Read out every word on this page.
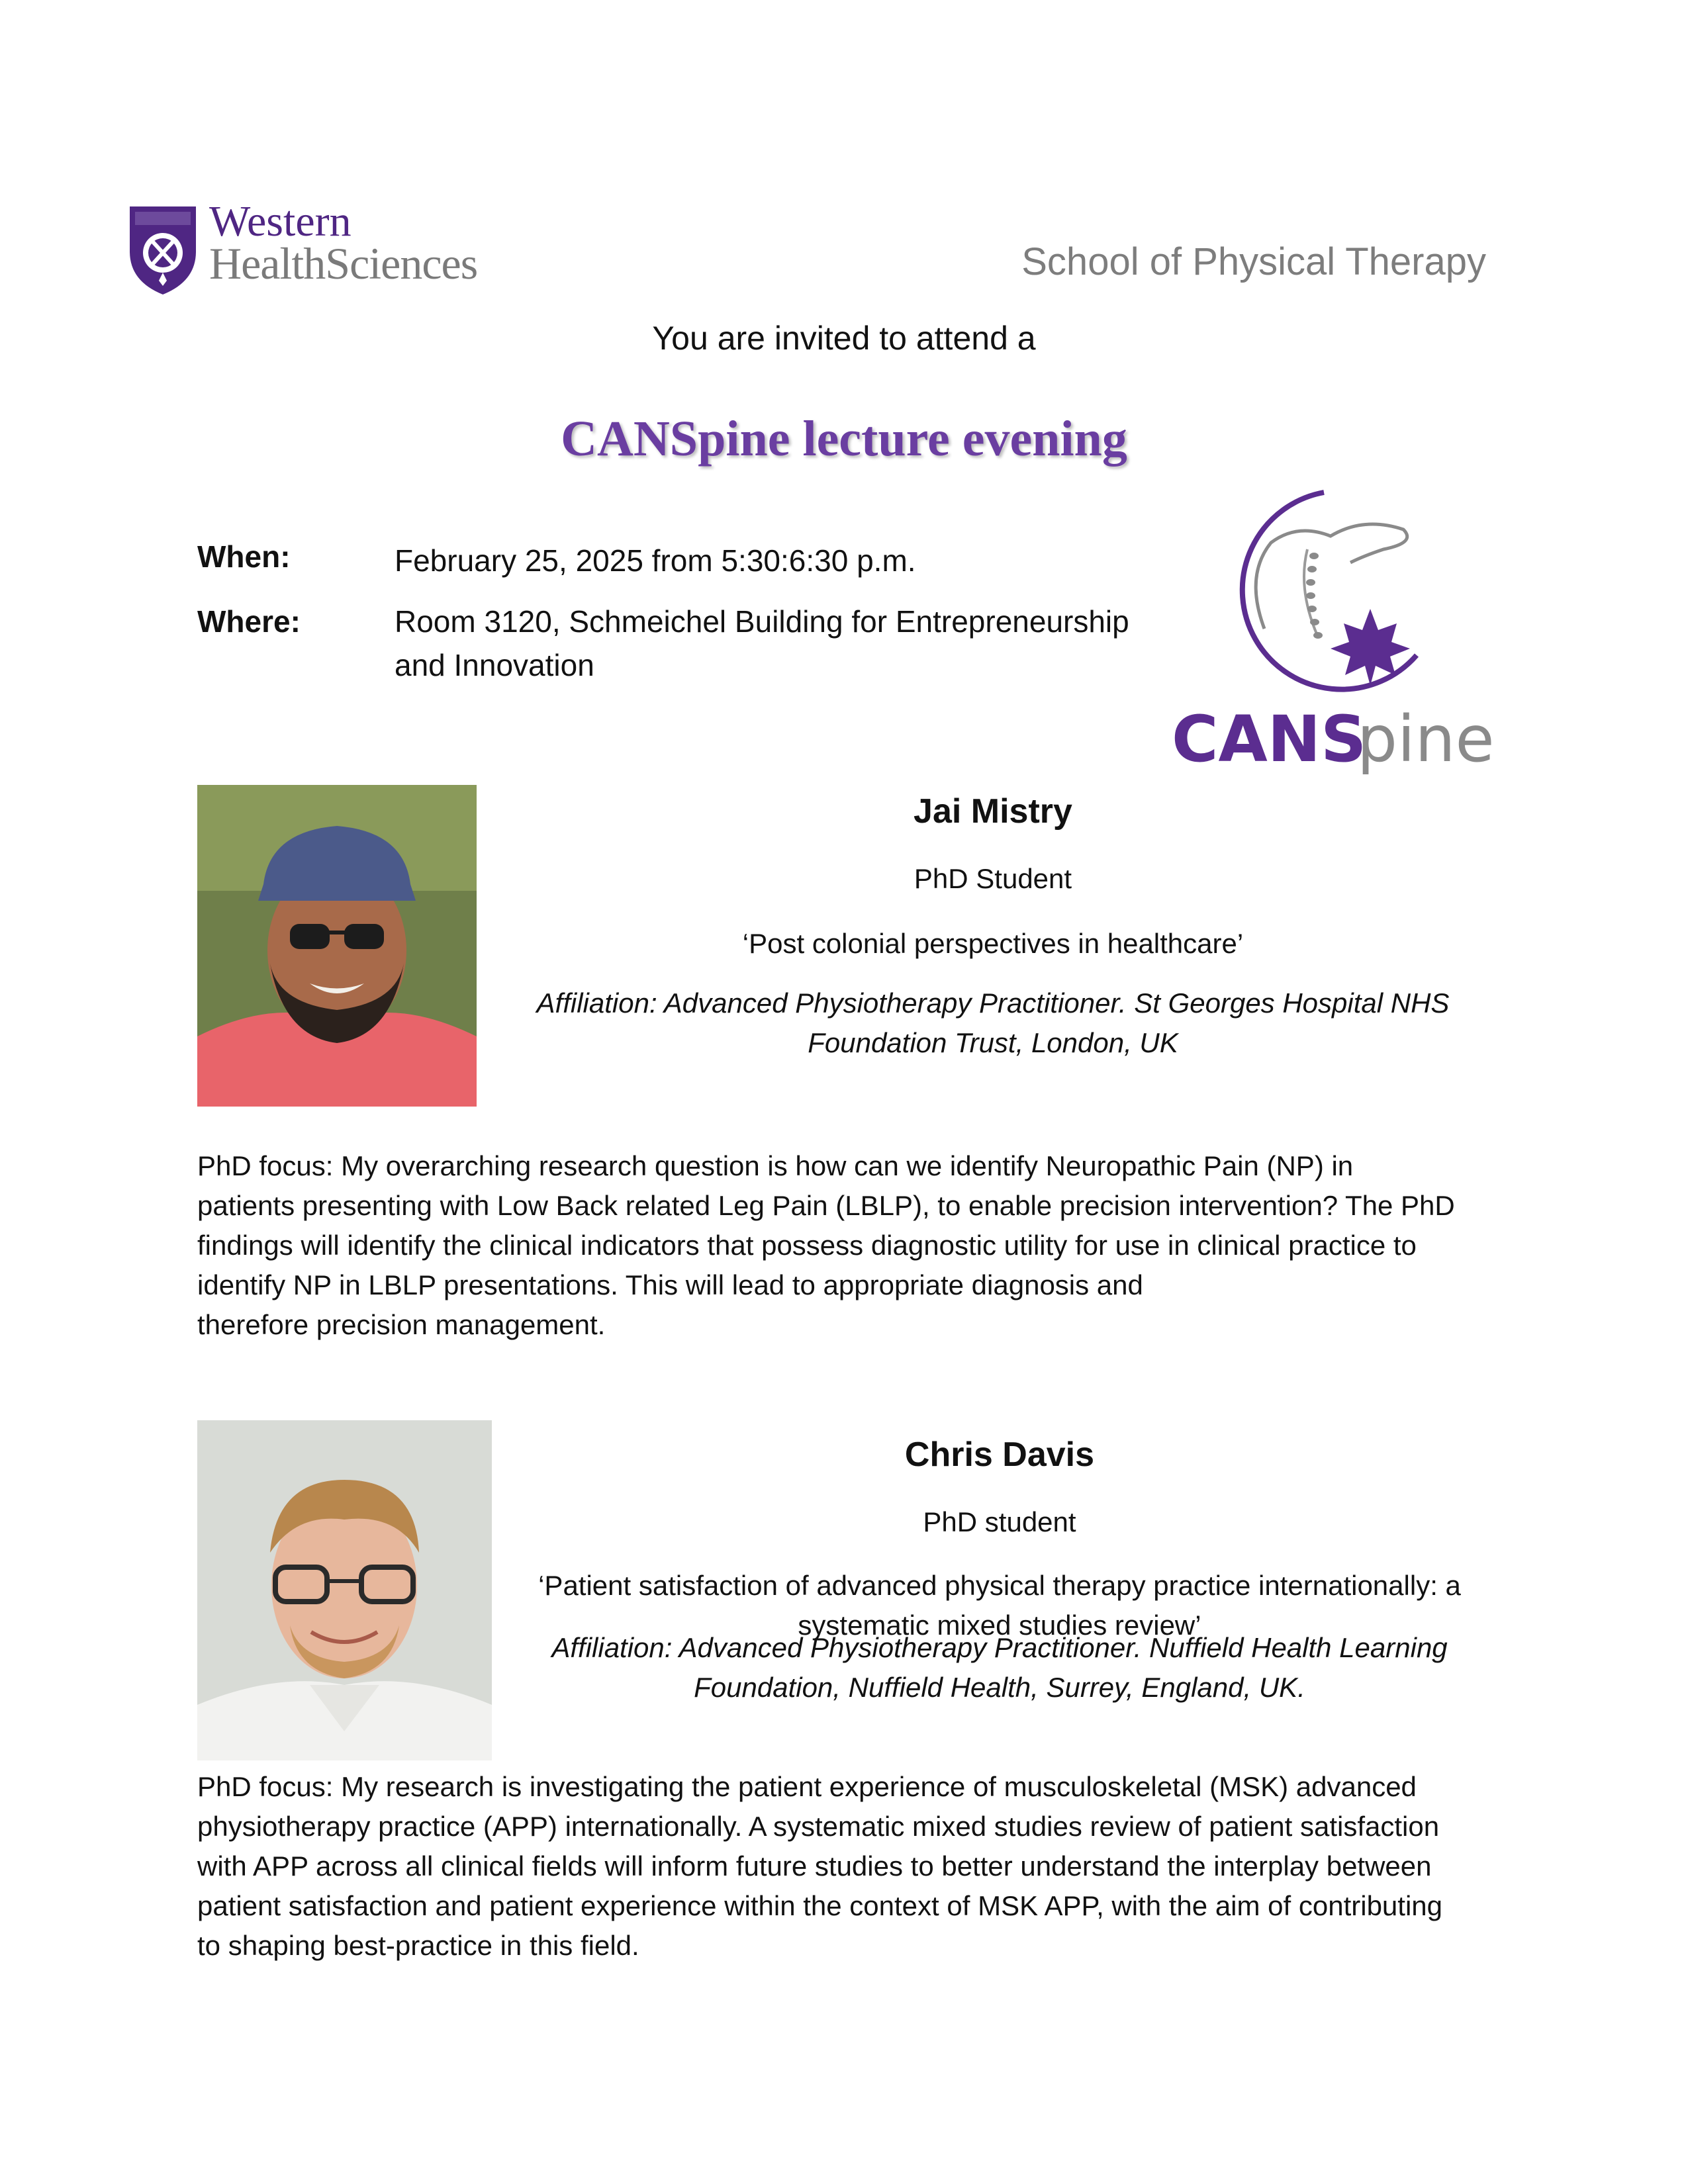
Western
HealthSciences	School of Physical Therapy
You are invited to attend a
CANSpine lecture evening
When:	February 25, 2025 from 5:30:6:30 p.m.
Where:	Room 3120, Schmeichel Building for Entrepreneurship
and Innovation
CANS
pine
Jai Mistry
PhD Student
‘Post colonial perspectives in healthcare’
Affiliation: Advanced Physiotherapy Practitioner. St Georges Hospital NHS
Foundation Trust, London, UK
PhD focus: My overarching research question is how can we identify Neuropathic Pain (NP) in
patients presenting with Low Back related Leg Pain (LBLP), to enable precision intervention? The PhD
findings will identify the clinical indicators that possess diagnostic utility for use in clinical practice to
identify NP in LBLP presentations. This will lead to appropriate diagnosis and
therefore precision management.
Chris Davis
PhD student
‘Patient satisfaction of advanced physical therapy practice internationally: a
systematic mixed studies review’
Affiliation: Advanced Physiotherapy Practitioner. Nuffield Health Learning
Foundation, Nuffield Health, Surrey, England, UK.
PhD focus: My research is investigating the patient experience of musculoskeletal (MSK) advanced
physiotherapy practice (APP) internationally. A systematic mixed studies review of patient satisfaction
with APP across all clinical fields will inform future studies to better understand the interplay between
patient satisfaction and patient experience within the context of MSK APP, with the aim of contributing
to shaping best-practice in this field.
